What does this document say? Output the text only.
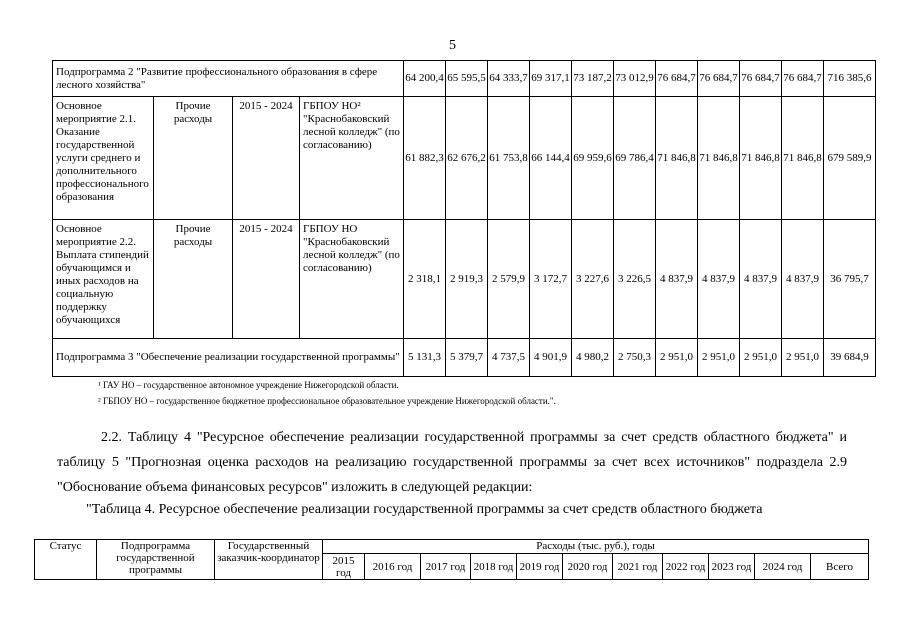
5
Подпрограмма 2 "Развитие профессионального образования в сфере лесного хозяйства"				64 200,4	65 595,5	64 333,7	69 317,1	73 187,2	73 012,9	76 684,7	76 684,7	76 684,7	76 684,7	716 385,6
Основное мероприятие 2.1. Оказание государственной услуги среднего и дополнительного профессионального образования	Прочие расходы	2015 - 2024	ГБПОУ НО² "Краснобаковский лесной колледж" (по согласованию)	61 882,3	62 676,2	61 753,8	66 144,4	69 959,6	69 786,4	71 846,8	71 846,8	71 846,8	71 846,8	679 589,9
Основное мероприятие 2.2. Выплата стипендий обучающимся и иных расходов на социальную поддержку обучающихся	Прочие расходы	2015 - 2024	ГБПОУ НО "Краснобаковский лесной колледж" (по согласованию)	2 318,1	2 919,3	2 579,9	3 172,7	3 227,6	3 226,5	4 837,9	4 837,9	4 837,9	4 837,9	36 795,7
Подпрограмма 3 "Обеспечение реализации государственной программы"				5 131,3	5 379,7	4 737,5	4 901,9	4 980,2	2 750,3	2 951,0	2 951,0	2 951,0	2 951,0	39 684,9
¹ ГАУ НО – государственное автономное учреждение Нижегородской области.
² ГБПОУ НО – государственное бюджетное профессиональное образовательное учреждение Нижегородской области.".
2.2. Таблицу 4 "Ресурсное обеспечение реализации государственной программы за счет средств областного бюджета" и таблицу 5 "Прогнозная оценка расходов на реализацию государственной программы за счет всех источников" подраздела 2.9 "Обоснование объема финансовых ресурсов" изложить в следующей редакции:
"Таблица 4. Ресурсное обеспечение реализации государственной программы за счет средств областного бюджета
Статус	Подпрограмма государственной программы	Государственный заказчик-координатор	Расходы (тыс. руб.), годы										
			2015 год	2016 год	2017 год	2018 год	2019 год	2020 год	2021 год	2022 год	2023 год	2024 год	Всего
